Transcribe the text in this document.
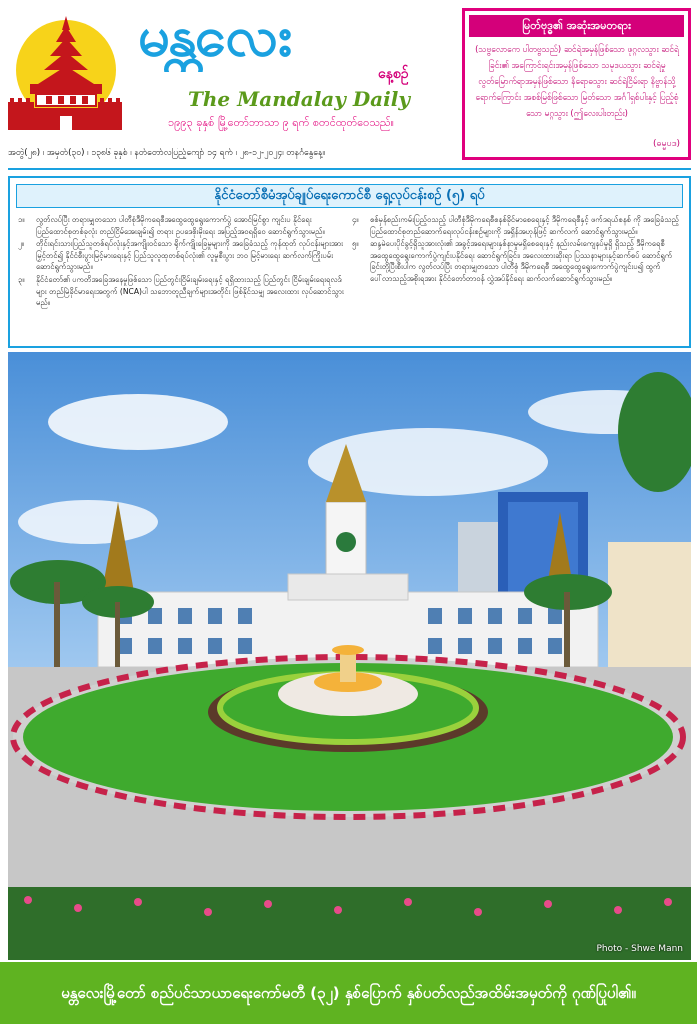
မန္တလေး
နေ့စဉ်
The Mandalay Daily
၁၉၉၃ ခုနှစ် မြို့တော်ဘာသာ ၉ ရက် စတင်ထုတ်ဝေသည်။
မြတ်ဗုဒ္ဓ၏ အဆုံးအမတရား
(သဗ္ဗလောကေ ပါတဗ္ဗသည်) ဆင်ရဲအမှန်ဖြစ်သော ဖုဂ္ဂလသွား ဆင်ရဲခြင်း၏ အကြောင်းရင်းအမှန်ဖြစ်သော သမုဒယသွား ဆင်ရဲမှု လွတ်မြောက်ရာအမှန်ဖြစ်သော နိရောဓသွား ဆင်ရဲငြိမ်းရာ နိဗ္ဗာန်သို့ရောက်ကြောင်း အစစ်မြစ်ဖြစ်သော မြတ်သော အင်္ဂါရှစ်ပါးနှင့် ပြည့်စုံသော မဂ္ဂသွား (ဤလေးပါးတည်း)
(ဓမ္မပဒ)
အတွဲ(၂၈) ၊ အမှတ်(၃၀) ၊ ၁၃၈၆ ခုနှစ် ၊ နတ်တော်လပြည့်ကျော် ၁၄ ရက် ၊ ၂၈-၁၂-၂၀၂၄၊ တနင်္ဂနွေနေ့။
နိုင်ငံတော်စီမံအုပ်ချုပ်ရေးကောင်စီ ရှေ့လုပ်ငန်းစဉ် (၅) ရပ်
၁။	လွတ်လပ်ပြီး တရားမျှတသော ပါတီစုံဒီမိုကရေစီအထွေထွေရွေးကောက်ပွဲ အောင်မြင်စွာ ကျင်းပ နိုင်ရေး ပြည်ထောင်စုတစ်ခုလုံး တည်ငြိမ်အေးချမ်း၍ တရား ဥပဒေစိုးမိုးရေး အပြည့်အဝရရှိဝေ ဆောင်ရွက်သွားမည်။
၂။	တိုင်းရင်းသားပြည်သူတစ်ရပ်လုံးနှင့်အကျိုးဝင်သော ရိုက်ကျိုးခြေမှုများကို အခြေခံသည့် ကုန်ထုတ် လုပ်ငန်းများအား မြှင့်တင်၍ နိုင်ငံစီးပွားမြင့်မားရေးနှင့် ပြည်သူလူထုတစ်ရပ်လုံး၏ လူမှုစီးပွား ဘဝ မြင့်မားရေး ဆက်လက်ကြိုးပမ်းဆောင်ရွက်သွားမည်။
၃။	နိုင်ငံတော်၏ ပကတိအခြေအနေမှုဖြစ်သော ပြည်တွင်းငြိမ်းချမ်းရေးနှင့် ရရှိထားသည့် ပြည်တွင်း ငြိမ်းချမ်းရေးရလဒ်များ တည်မြဲခိုင်မာရေးအတွက် (NCA)ပါ သဘောတူညီချက်များအတိုင်း ဖြစ်နိုင်သမျှ အလေးထား လုပ်ဆောင်သွားမည်။
၄။	စစ်မှန်စည်းကမ်းပြည့်ဝသည့် ပါတီစုံဒီမိုကရေစီစနစ်ခိုင်မာစေရေးနှင့် ဒီမိုကရေစီနှင့် ဖက်ဒရယ်စနစ် ကို အခြေခံသည့် ပြည်ထောင်စုတည်ဆောက်ရေးလုပ်ငန်းစဉ်များကို အရှိန်အဟုန်ဖြင့် ဆက်လက် ဆောင်ရွက်သွားမည်။
၅။	ဆန္ဒမဲပေးပိုင်ခွင့်ရှိသူအားလုံး၏ အခွင့်အရေးများနှစ်နာမှုမရှိစေရေးနှင့် နည်းလမ်းကျေနပ်မှုရှိ ရှိသည့် ဒီမိုကရေစီ အထွေထွေရွေးကောက်ပွဲကျင်းပနိုင်ရေး ဆောင်ရွက်ခြင်း၊ အလေးထားဆိုးရာ ပြဿနာများနှင့်ဆက်စပ် ဆောင်ရွက်ခြင်းတို့ပြီးစီးပါက လွတ်လပ်ပြီး တရားမျှတသော ပါတီစုံ ဒီမိုကရေစီ အထွေထွေရွေးကောက်ပွဲကျင်းပ၍ ထွက်ပေါ်လာသည့်အစိုးရအား နိုင်ငံတော်တာဝန် လွှဲအပ်နိုင်ရေး ဆက်လက်ဆောင်ရွက်သွားမည်။
Photo - Shwe Mann
မန္တလေးမြို့တော် စည်ပင်သာယာရေးကော်မတီ (၃၂) နှစ်ပြောက် နှစ်ပတ်လည်အထိမ်းအမှတ်ကို ဂုဏ်ပြုပါ၏။
